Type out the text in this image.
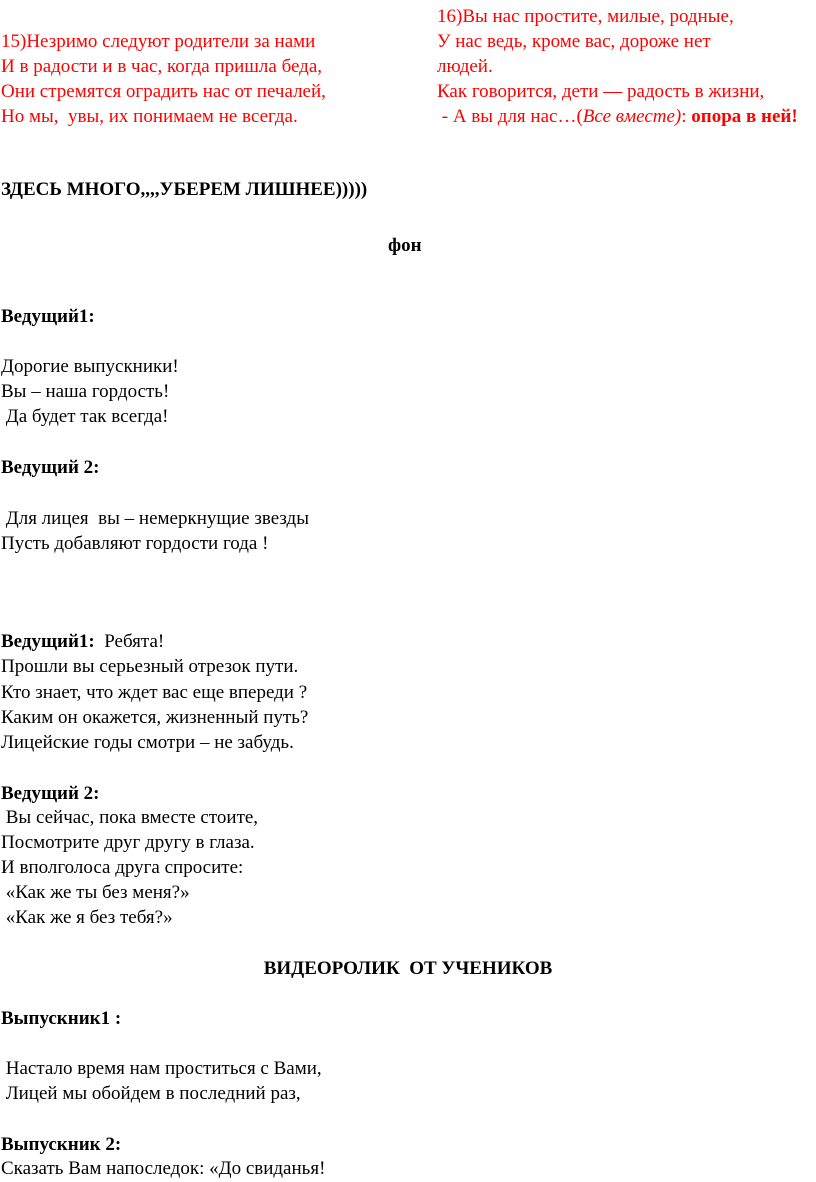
15)Незримо следуют родители за нами
И в радости и в час, когда пришла беда,
Они стремятся оградить нас от печалей,
Но мы,  увы, их понимаем не всегда.
16)Вы нас простите, милые, родные,
У нас ведь, кроме вас, дороже нет
людей.
Как говорится, дети — радость в жизни,
- А вы для нас…(Все вместе): опора в ней!
ЗДЕСЬ МНОГО,,,,УБЕРЕМ ЛИШНЕЕ)))))
фон
Ведущий1:
Дорогие выпускники!
Вы – наша гордость!
Да будет так всегда!
Ведущий 2:
Для лицея  вы – немеркнущие звезды
Пусть добавляют гордости года !
Ведущий1:  Ребята!
Прошли вы серьезный отрезок пути.
Кто знает, что ждет вас еще впереди ?
Каким он окажется, жизненный путь?
Лицейские годы смотри – не забудь.
Ведущий 2:
Вы сейчас, пока вместе стоите,
Посмотрите друг другу в глаза.
И вполголоса друга спросите:
«Как же ты без меня?»
«Как же я без тебя?»
ВИДЕОРОЛИК  ОТ УЧЕНИКОВ
Выпускник1 :
Настало время нам проститься с Вами,
Лицей мы обойдем в последний раз,
Выпускник 2:
Сказать Вам напоследок: «До свиданья!
